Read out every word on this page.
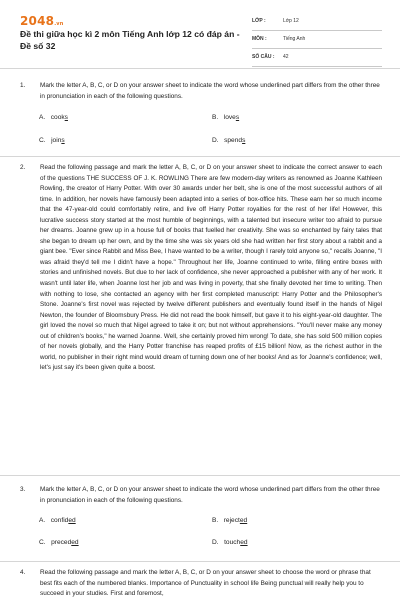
2048.vn
Đề thi giữa học kì 2 môn Tiếng Anh lớp 12 có đáp án - Đề số 32
LỚP :	Lớp 12
MÔN :	Tiếng Anh
SỐ CÂU : 42
1. Mark the letter A, B, C, or D on your answer sheet to indicate the word whose underlined part differs from the other three in pronunciation in each of the following questions.
A. cooks	B. loves
C. joins	D. spends
2. Read the following passage and mark the letter A, B, C, or D on your answer sheet to indicate the correct answer to each of the questions THE SUCCESS OF J. K. ROWLING There are few modern-day writers as renowned as Joanne Kathleen Rowling, the creator of Harry Potter. With over 30 awards under her belt, she is one of the most successful authors of all time. In addition, her novels have famously been adapted into a series of box-office hits. These earn her so much income that the 47-year-old could comfortably retire, and live off Harry Potter royalties for the rest of her life! However, this lucrative success story started at the most humble of beginnings, with a talented but insecure writer too afraid to pursue her dreams. Joanne grew up in a house full of books that fuelled her creativity. She was so enchanted by fairy tales that she began to dream up her own, and by the time she was six years old she had written her first story about a rabbit and a giant bee. "Ever since Rabbit and Miss Bee, I have wanted to be a writer, though I rarely told anyone so," recalls Joanne, "I was afraid they'd tell me I didn't have a hope." Throughout her life, Joanne continued to write, filling entire boxes with stories and unfinished novels. But due to her lack of confidence, she never approached a publisher with any of her work. It wasn't until later life, when Joanne lost her job and was living in poverty, that she finally devoted her time to writing. Then with nothing to lose, she contacted an agency with her first completed manuscript: Harry Potter and the Philosopher's Stone. Joanne's first novel was rejected by twelve different publishers and eventually found itself in the hands of Nigel Newton, the founder of Bloomsbury Press. He did not read the book himself, but gave it to his eight-year-old daughter. The girl loved the novel so much that Nigel agreed to take it on; but not without apprehensions. "You'll never make any money out of children's books," he warned Joanne. Well, she certainly proved him wrong! To date, she has sold 500 million copies of her novels globally, and the Harry Potter franchise has reaped profits of £15 billion! Now, as the richest author in the world, no publisher in their right mind would dream of turning down one of her books! And as for Joanne's confidence; well, let's just say it's been given quite a boost.
3. Mark the letter A, B, C, or D on your answer sheet to indicate the word whose underlined part differs from the other three in pronunciation in each of the following questions.
A. confided	B. rejected
C. preceded	D. touched
4. Read the following passage and mark the letter A, B, C, or D on your answer sheet to choose the word or phrase that best fits each of the numbered blanks. Importance of Punctuality in school life Being punctual will really help you to succeed in your studies. First and foremost,
